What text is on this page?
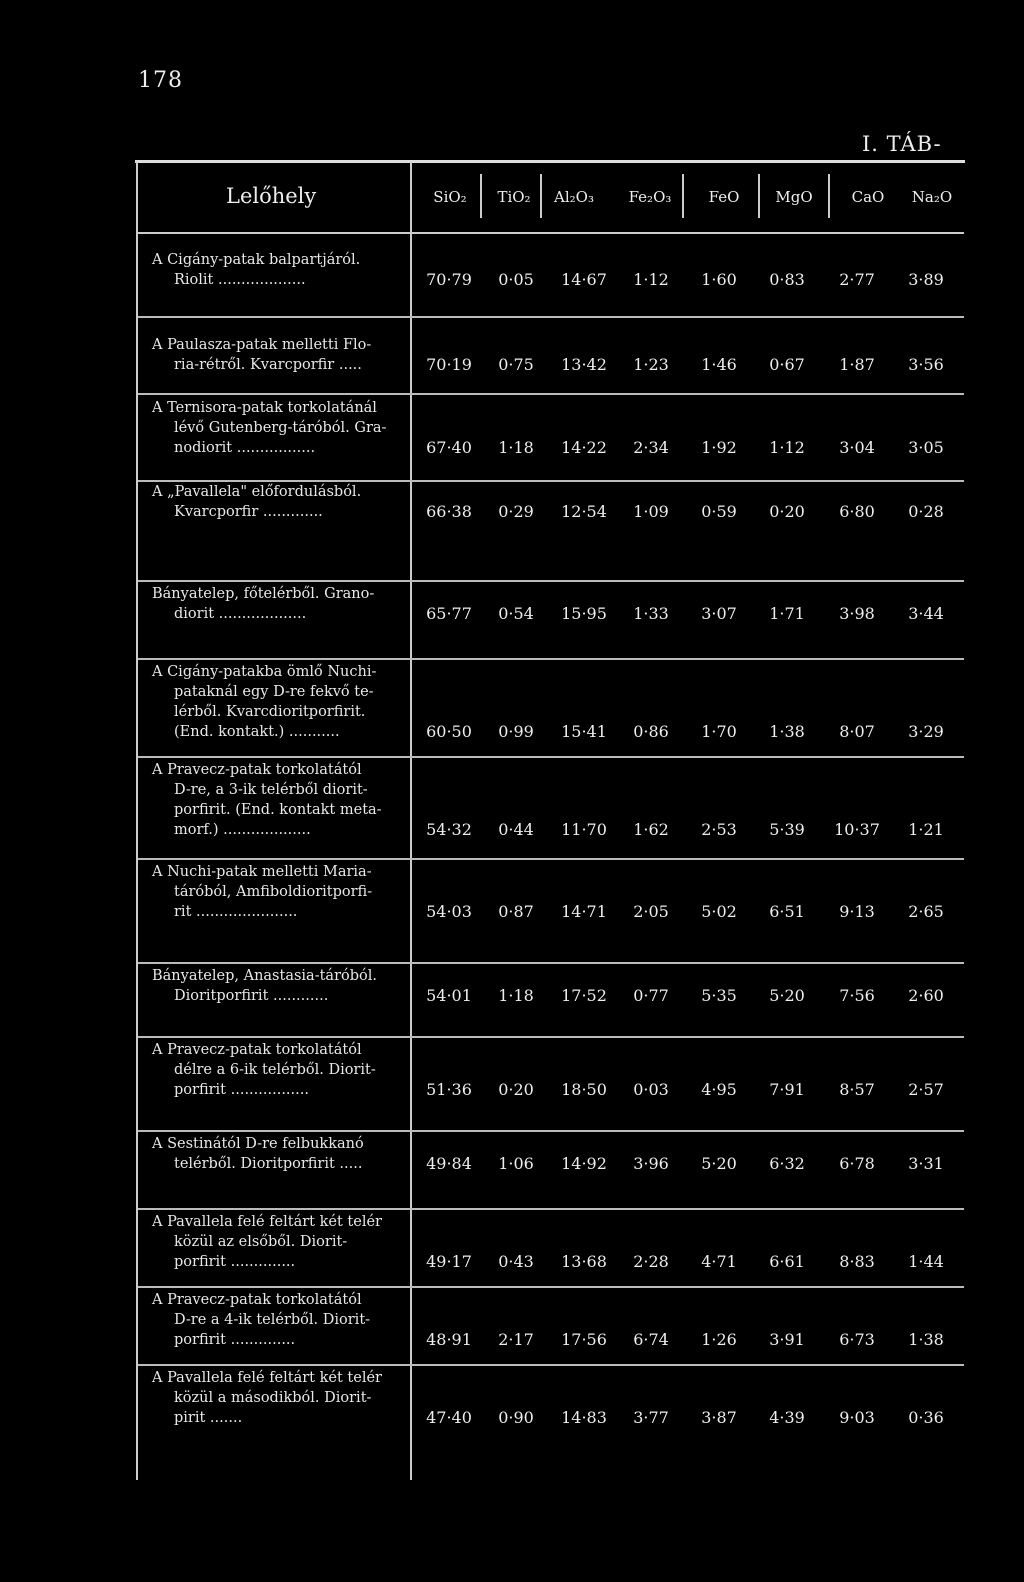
178
I. TÁB-
Lelőhely	SiO₂	TiO₂	Al₂O₃	Fe₂O₃	FeO	MgO	CaO	Na₂O
A Cigány-patak balpartjáról.
Riolit ...................	70·79	0·05	14·67	1·12	1·60	0·83	2·77	3·89
A Paulasza-patak melletti Flo-
ria-rétről. Kvarcporfir .....	70·19	0·75	13·42	1·23	1·46	0·67	1·87	3·56
A Ternisora-patak torkolatánál
lévő Gutenberg-táróból. Gra-
nodiorit .................	67·40	1·18	14·22	2·34	1·92	1·12	3·04	3·05
A „Pavallela" előfordulásból.
Kvarcporfir .............	66·38	0·29	12·54	1·09	0·59	0·20	6·80	0·28
Bányatelep, főtelérből. Grano-
diorit ...................	65·77	0·54	15·95	1·33	3·07	1·71	3·98	3·44
A Cigány-patakba ömlő Nuchi-
pataknál egy D-re fekvő te-
lérből. Kvarcdioritporfirit.
(End. kontakt.) ...........	60·50	0·99	15·41	0·86	1·70	1·38	8·07	3·29
A Pravecz-patak torkolatától
D-re, a 3-ik telérből diorit-
porfirit. (End. kontakt meta-
morf.) ...................	54·32	0·44	11·70	1·62	2·53	5·39	10·37	1·21
A Nuchi-patak melletti Maria-
táróból, Amfiboldioritporfi-
rit ......................	54·03	0·87	14·71	2·05	5·02	6·51	9·13	2·65
Bányatelep, Anastasia-táróból.
Dioritporfirit ............	54·01	1·18	17·52	0·77	5·35	5·20	7·56	2·60
A Pravecz-patak torkolatától
délre a 6-ik telérből. Diorit-
porfirit .................	51·36	0·20	18·50	0·03	4·95	7·91	8·57	2·57
A Sestinától D-re felbukkanó
telérből. Dioritporfirit .....	49·84	1·06	14·92	3·96	5·20	6·32	6·78	3·31
A Pavallela felé feltárt két telér
közül az elsőből. Diorit-
porfirit ..............	49·17	0·43	13·68	2·28	4·71	6·61	8·83	1·44
A Pravecz-patak torkolatától
D-re a 4-ik telérből. Diorit-
porfirit ..............	48·91	2·17	17·56	6·74	1·26	3·91	6·73	1·38
A Pavallela felé feltárt két telér
közül a másodikból. Diorit-
pirit .......	47·40	0·90	14·83	3·77	3·87	4·39	9·03	0·36
